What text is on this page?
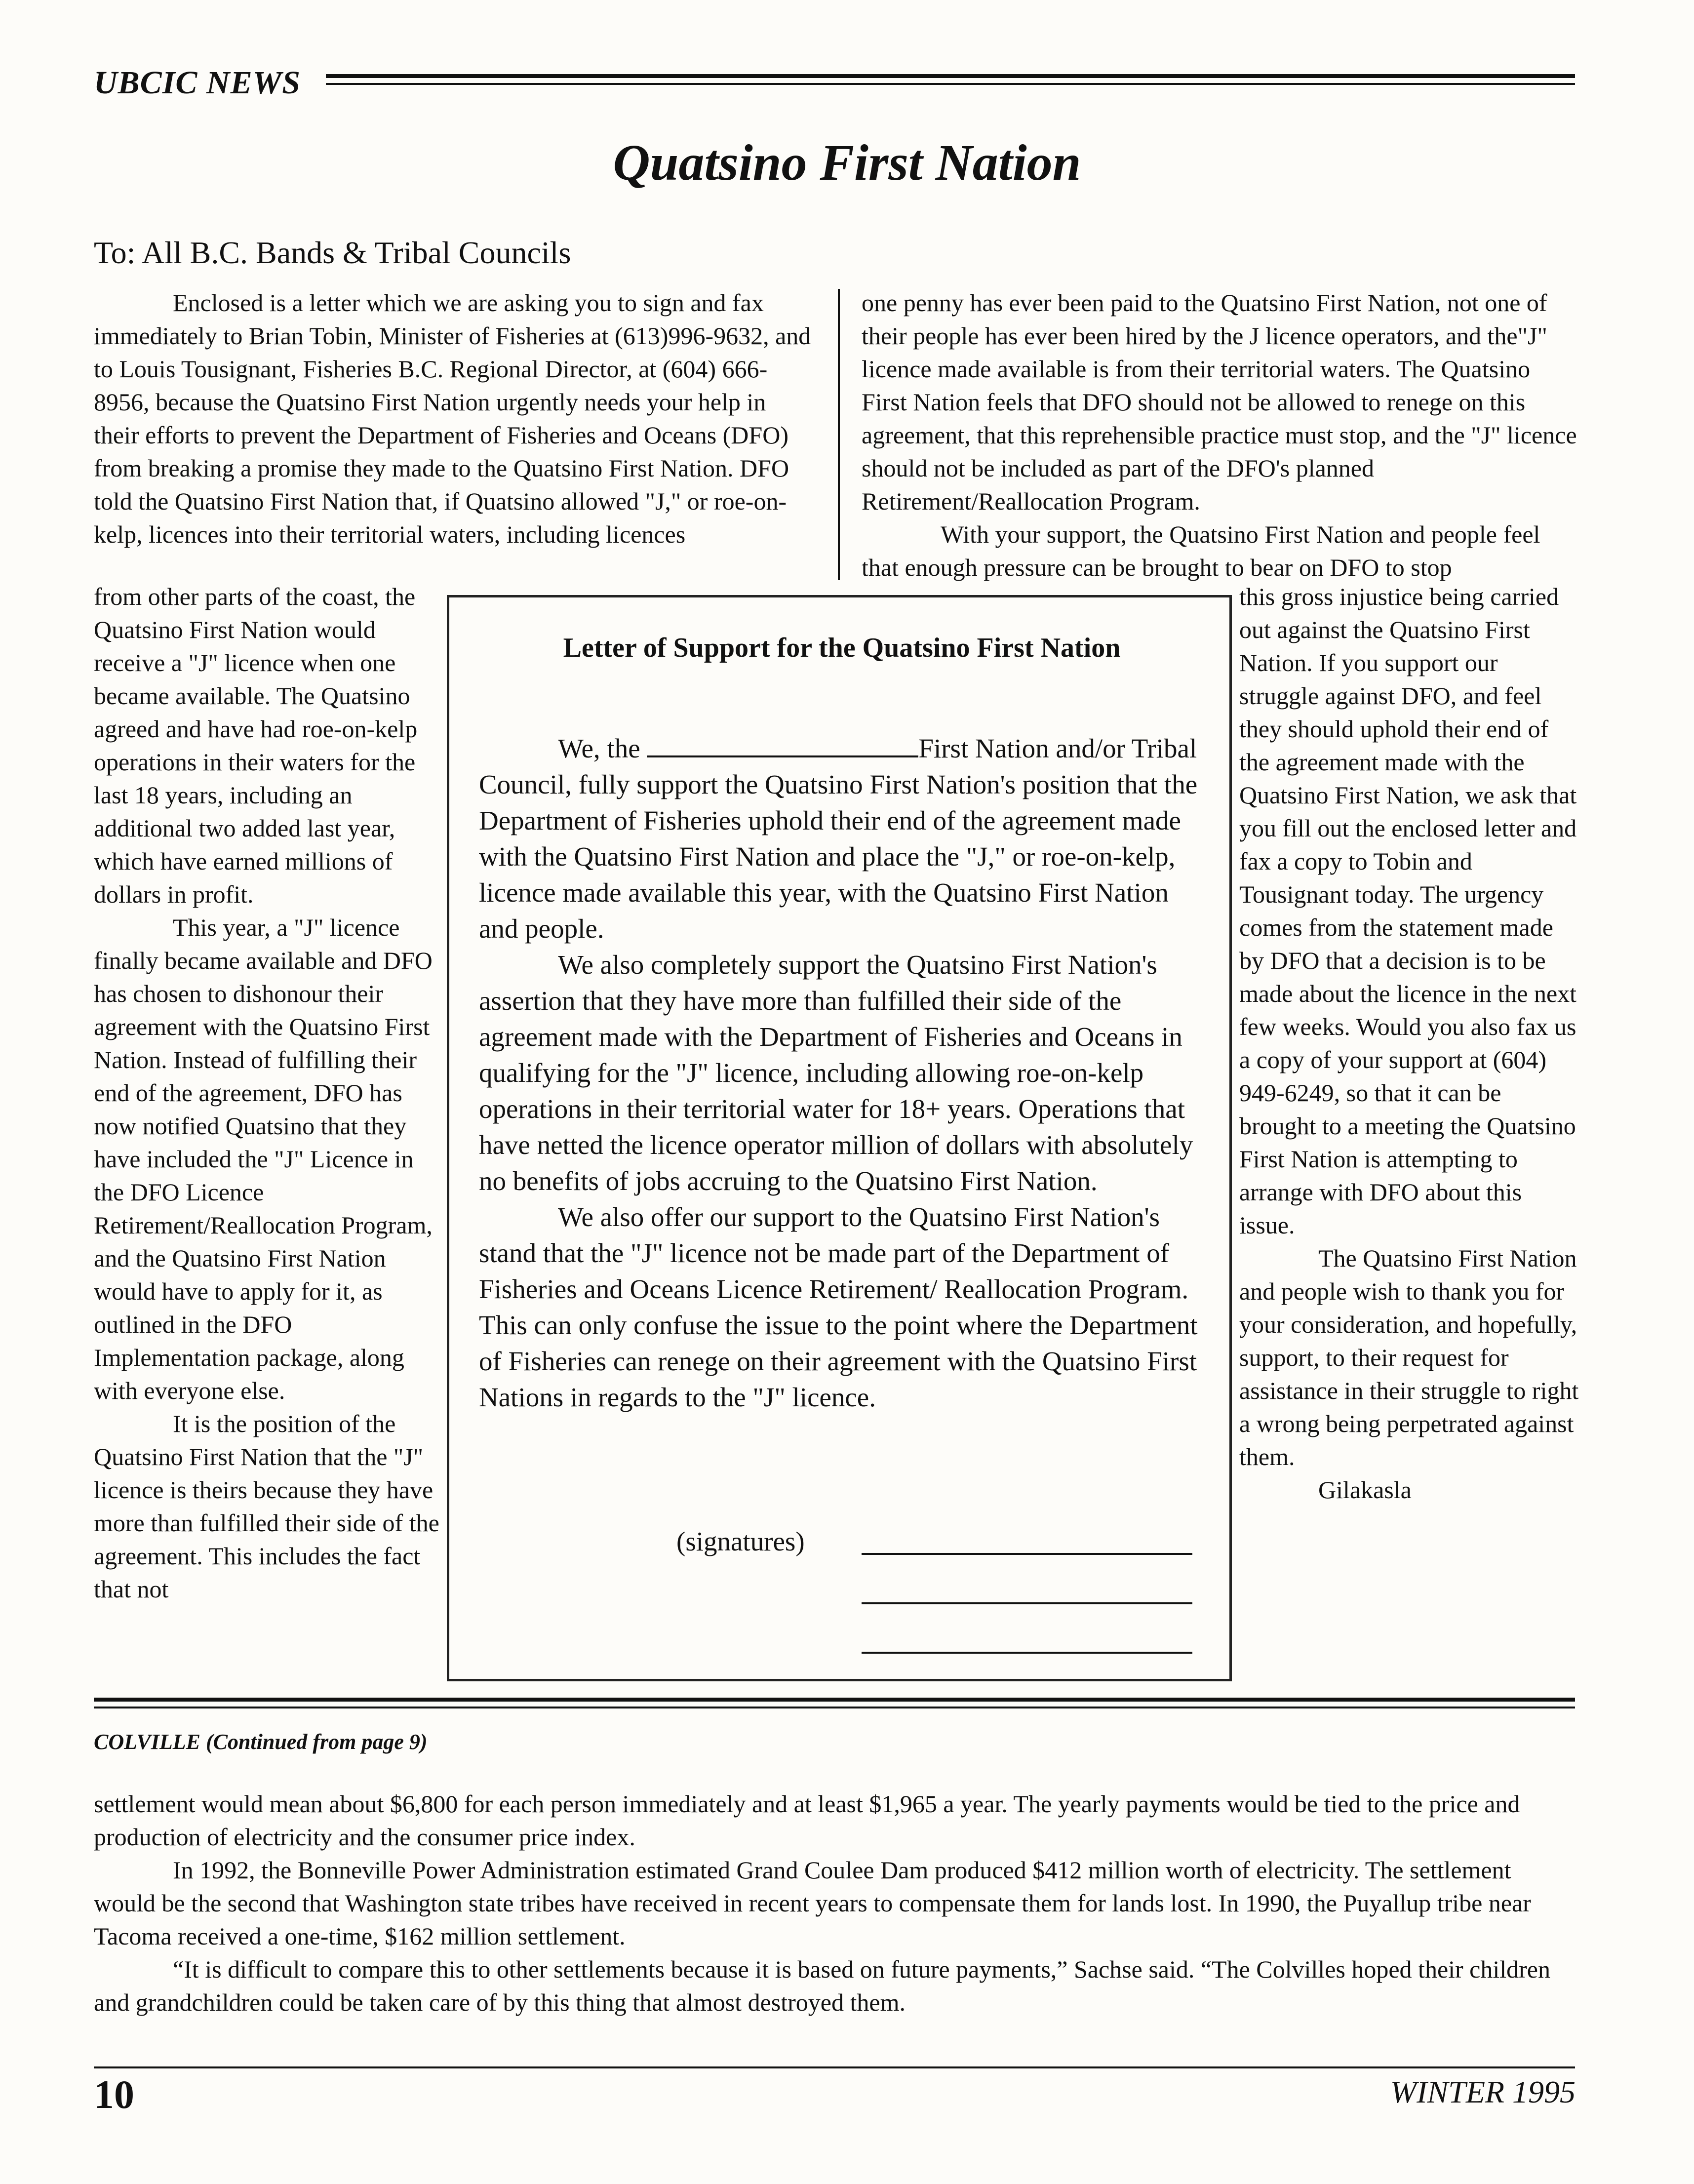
UBCIC NEWS
Quatsino First Nation
To: All B.C. Bands & Tribal Councils

Enclosed is a letter which we are asking you to sign and fax immediately to Brian Tobin, Minister of Fisheries at (613)996-9632, and to Louis Tousignant, Fisheries B.C. Regional Director, at (604) 666-8956, because the Quatsino First Nation urgently needs your help in their efforts to prevent the Department of Fisheries and Oceans (DFO) from breaking a promise they made to the Quatsino First Nation. DFO told the Quatsino First Nation that, if Quatsino allowed "J," or roe-on-kelp, licences into their territorial waters, including licences

one penny has ever been paid to the Quatsino First Nation, not one of their people has ever been hired by the J licence operators, and the"J" licence made available is from their territorial waters. The Quatsino First Nation feels that DFO should not be allowed to renege on this agreement, that this reprehensible practice must stop, and the "J" licence should not be included as part of the DFO's planned Retirement/Reallocation Program.

With your support, the Quatsino First Nation and people feel that enough pressure can be brought to bear on DFO to stop

from other parts of the coast, the Quatsino First Nation would receive a "J" licence when one became available. The Quatsino agreed and have had roe-on-kelp operations in their waters for the last 18 years, including an additional two added last year, which have earned millions of dollars in profit.

This year, a "J" licence finally became available and DFO has chosen to dishonour their agreement with the Quatsino First Nation. Instead of fulfilling their end of the agreement, DFO has now notified Quatsino that they have included the "J" Licence in the DFO Licence Retirement/Reallocation Program, and the Quatsino First Nation would have to apply for it, as outlined in the DFO Implementation package, along with everyone else.

It is the position of the Quatsino First Nation that the "J" licence is theirs because they have more than fulfilled their side of the agreement. This includes the fact that not

Letter of Support for the Quatsino First Nation

We, the	First Nation and/or Tribal Council, fully support the Quatsino First Nation's position that the Department of Fisheries uphold their end of the agreement made with the Quatsino First Nation and place the "J," or roe-on-kelp, licence made available this year, with the Quatsino First Nation and people.

We also completely support the Quatsino First Nation's assertion that they have more than fulfilled their side of the agreement made with the Department of Fisheries and Oceans in qualifying for the "J" licence, including allowing roe-on-kelp operations in their territorial water for 18+ years. Operations that have netted the licence operator million of dollars with absolutely no benefits of jobs accruing to the Quatsino First Nation.

We also offer our support to the Quatsino First Nation's stand that the "J" licence not be made part of the Department of Fisheries and Oceans Licence Retirement/ Reallocation Program. This can only confuse the issue to the point where the Department of Fisheries can renege on their agreement with the Quatsino First Nations in regards to the "J" licence.

(signatures)

this gross injustice being carried out against the Quatsino First Nation. If you support our struggle against DFO, and feel they should uphold their end of the agreement made with the Quatsino First Nation, we ask that you fill out the enclosed letter and fax a copy to Tobin and Tousignant today. The urgency comes from the statement made by DFO that a decision is to be made about the licence in the next few weeks. Would you also fax us a copy of your support at (604) 949-6249, so that it can be brought to a meeting the Quatsino First Nation is attempting to arrange with DFO about this issue.

The Quatsino First Nation and people wish to thank you for your consideration, and hopefully, support, to their request for assistance in their struggle to right a wrong being perpetrated against them.

Gilakasla

COLVILLE (Continued from page 9)

settlement would mean about $6,800 for each person immediately and at least $1,965 a year. The yearly payments would be tied to the price and production of electricity and the consumer price index.

In 1992, the Bonneville Power Administration estimated Grand Coulee Dam produced $412 million worth of electricity. The settlement would be the second that Washington state tribes have received in recent years to compensate them for lands lost. In 1990, the Puyallup tribe near Tacoma received a one-time, $162 million settlement.

“It is difficult to compare this to other settlements because it is based on future payments,” Sachse said. “The Colvilles hoped their children and grandchildren could be taken care of by this thing that almost destroyed them.

10	WINTER 1995
